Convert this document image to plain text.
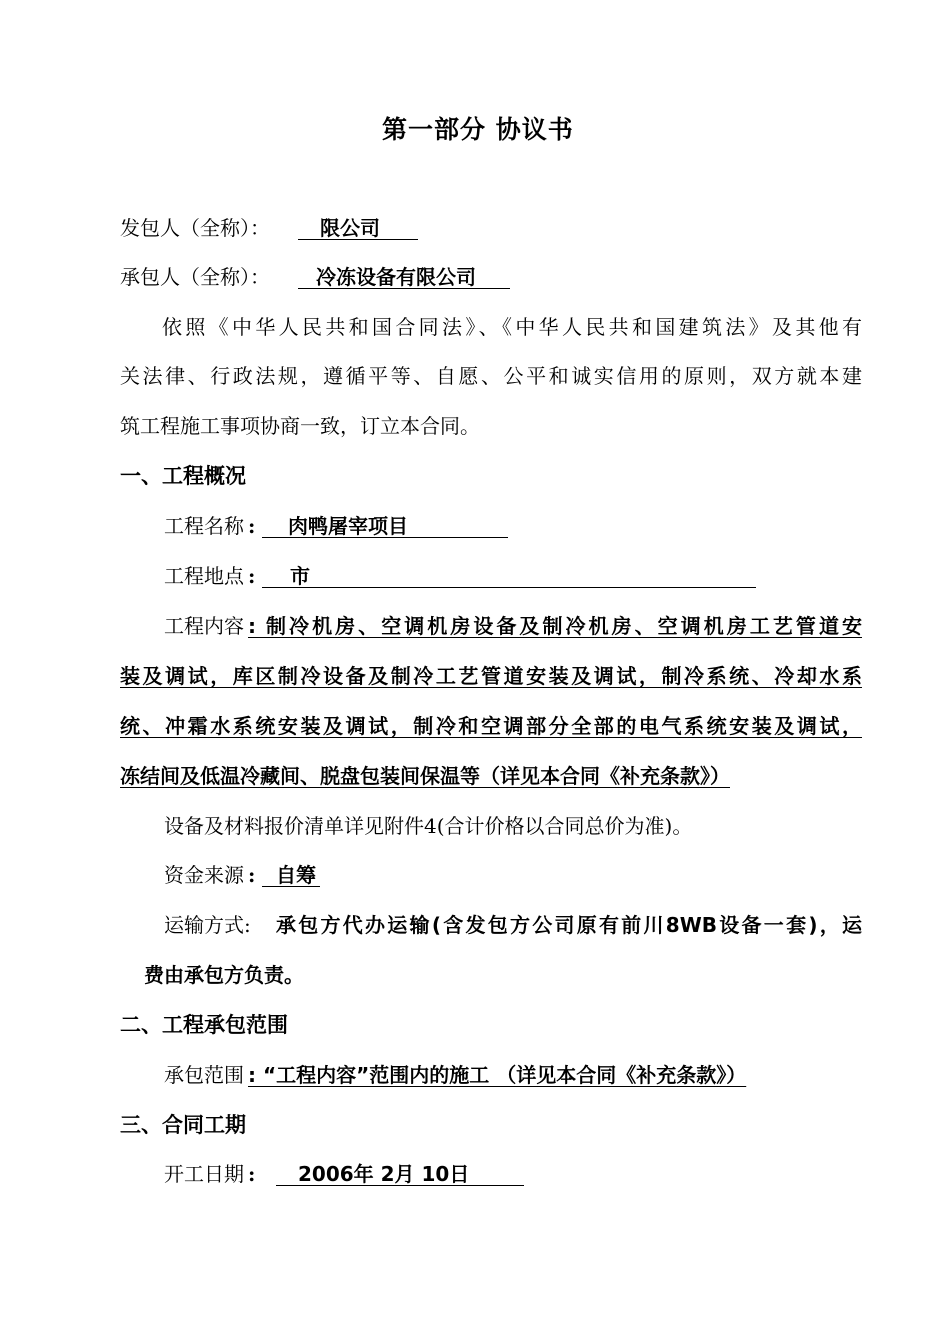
第一部分 协议书
发包人（全称）：	限公司
承包人（全称）： 冷冻设备有限公司
依照《中华人民共和国合同法》、《中华人民共和国建筑法》及其他有
关法律、行政法规，遵循平等、自愿、公平和诚实信用的原则，双方就本建
筑工程施工事项协商一致，订立本合同。
一、工程概况
工程名称 : 肉鸭屠宰项目
工程地点 : 市
工程内容 : 制冷机房、空调机房设备及制冷机房、空调机房工艺管道安
装及调试，库区制冷设备及制冷工艺管道安装及调试，制冷系统、冷却水系
统、冲霜水系统安装及调试，制冷和空调部分全部的电气系统安装及调试，
冻结间及低温冷藏间、脱盘包装间保温等（详见本合同《补充条款》）
设备及材料报价清单详见附件4(合计价格以合同总价为准)。
资金来源 : 自筹
运输方式: 承包方代办运输(含发包方公司原有前川8WB设备一套)，运
费由承包方负责。
二、工程承包范围
承包范围 : “工程内容”范围内的施工 （详见本合同《补充条款》）
三、合同工期
开工日期 : 2006年 2月 10日
